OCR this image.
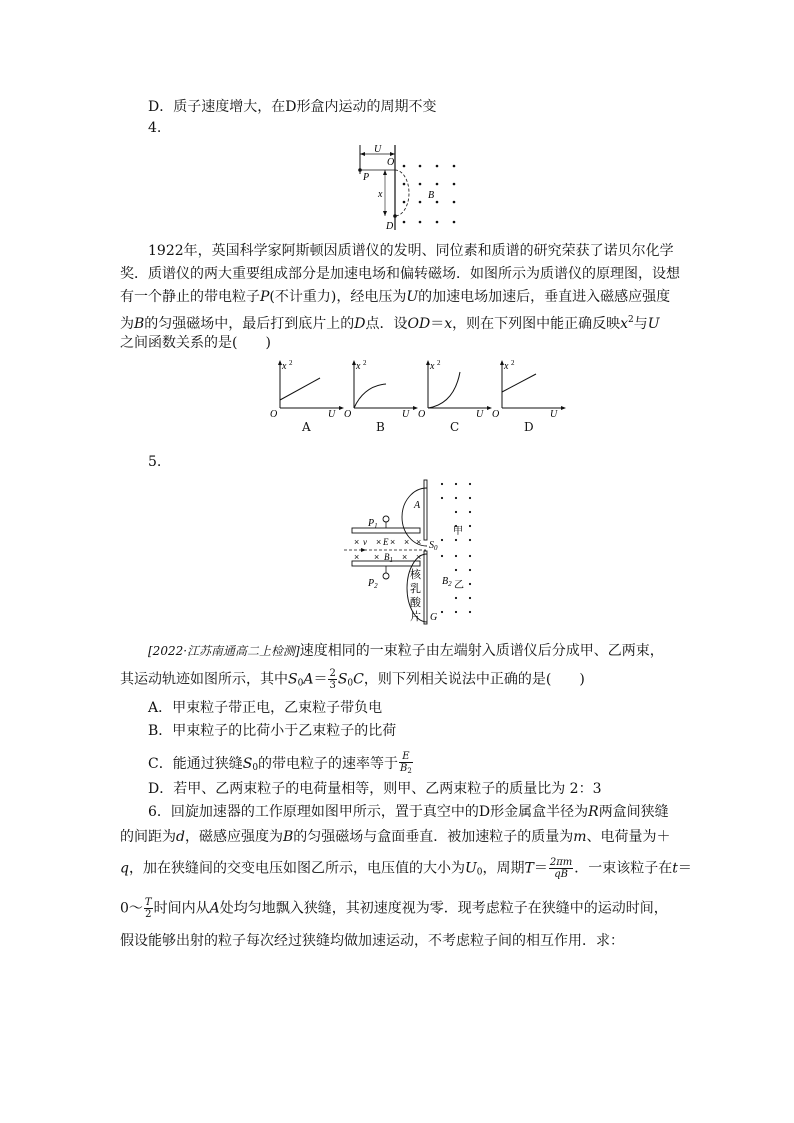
D．质子速度增大，在D形盒内运动的周期不变
4.
U
O
P
x	B
D
1922年，英国科学家阿斯顿因质谱仪的发明、同位素和质谱的研究荣获了诺贝尔化学
奖．质谱仪的两大重要组成部分是加速电场和偏转磁场．如图所示为质谱仪的原理图，设想
有一个静止的带电粒子P(不计重力)，经电压为U的加速电场加速后，垂直进入磁感应强度
为B的匀强磁场中，最后打到底片上的D点．设OD＝x，则在下列图中能正确反映$x^2$与U
之间函数关系的是(　　)
x 2
O	U
A
x 2
O	U
B
x 2
O	U
C
x 2
O	U
D
5.
× × × × ×
× ×	× ×
A
$P_1$
$P_2$
v E
$B_1$
$S_0$
$B_2$
G
甲
乙
核
乳
酸
片
[2022·江苏南通高二上检测]速度相同的一束粒子由左端射入质谱仪后分成甲、乙两束，
其运动轨迹如图所示，其中$S_0A= \frac{2}{3} S_0C$，则下列相关说法中正确的是(　　)
A．甲束粒子带正电，乙束粒子带负电
B．甲束粒子的比荷小于乙束粒子的比荷
C．能通过狭缝$S_0$的带电粒子的速率等于 $\frac{E}{B_2}$
D．若甲、乙两束粒子的电荷量相等，则甲、乙两束粒子的质量比为 2：3
6．回旋加速器的工作原理如图甲所示，置于真空中的D形金属盒半径为R两盒间狭缝
的间距为d，磁感应强度为B的匀强磁场与盒面垂直．被加速粒子的质量为m、电荷量为＋
q，加在狭缝间的交变电压如图乙所示，电压值的大小为$U_0$，周期$T= \frac{2\pi m}{qB}$ ．一束该粒子在t＝
0～ $\frac{T}{2}$ 时间内从A处均匀地飘入狭缝，其初速度视为零．现考虑粒子在狭缝中的运动时间，
假设能够出射的粒子每次经过狭缝均做加速运动，不考虑粒子间的相互作用．求：
